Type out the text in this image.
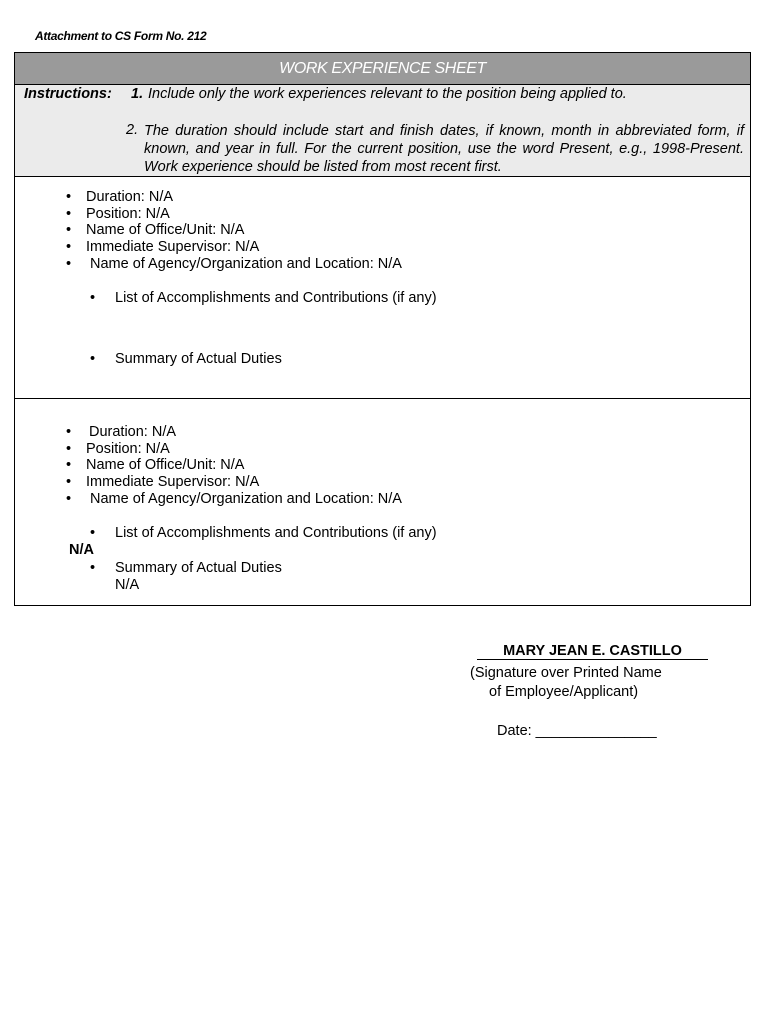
Attachment to CS Form No. 212
WORK EXPERIENCE SHEET
Instructions: 1. Include only the work experiences relevant to the position being applied to.
2. The duration should include start and finish dates, if known, month in abbreviated form, if known, and year in full. For the current position, use the word Present, e.g., 1998-Present. Work experience should be listed from most recent first.
• Duration: N/A
• Position: N/A
• Name of Office/Unit: N/A
• Immediate Supervisor: N/A
• Name of Agency/Organization and Location: N/A
• List of Accomplishments and Contributions (if any)
• Summary of Actual Duties
• Duration: N/A
• Position: N/A
• Name of Office/Unit: N/A
• Immediate Supervisor: N/A
• Name of Agency/Organization and Location: N/A
• List of Accomplishments and Contributions (if any)
N/A
• Summary of Actual Duties
N/A
MARY JEAN E. CASTILLO
(Signature over Printed Name
of Employee/Applicant)
Date: _______________
